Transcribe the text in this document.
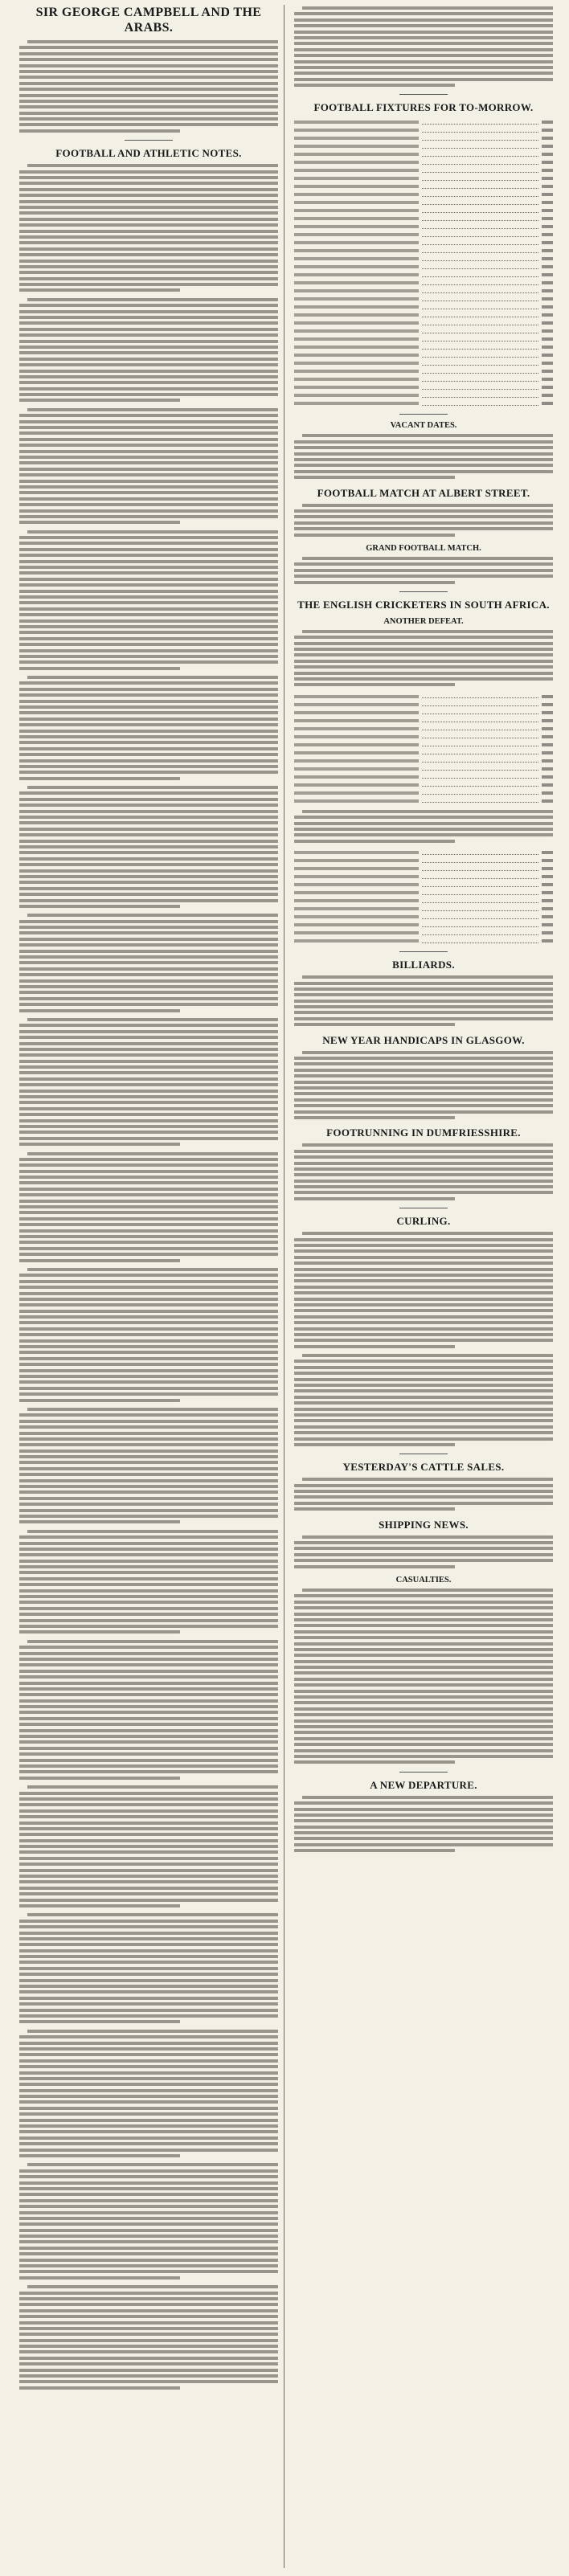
SIR GEORGE CAMPBELL AND THE ARABS.
FOOTBALL AND ATHLETIC NOTES.
FOOTBALL FIXTURES FOR TO-MORROW.
VACANT DATES.
FOOTBALL MATCH AT ALBERT STREET.
GRAND FOOTBALL MATCH.
THE ENGLISH CRICKETERS IN SOUTH AFRICA.
ANOTHER DEFEAT.
BILLIARDS.
NEW YEAR HANDICAPS IN GLASGOW.
FOOTRUNNING IN DUMFRIESSHIRE.
CURLING.
YESTERDAY'S CATTLE SALES.
SHIPPING NEWS.
CASUALTIES.
A NEW DEPARTURE.
